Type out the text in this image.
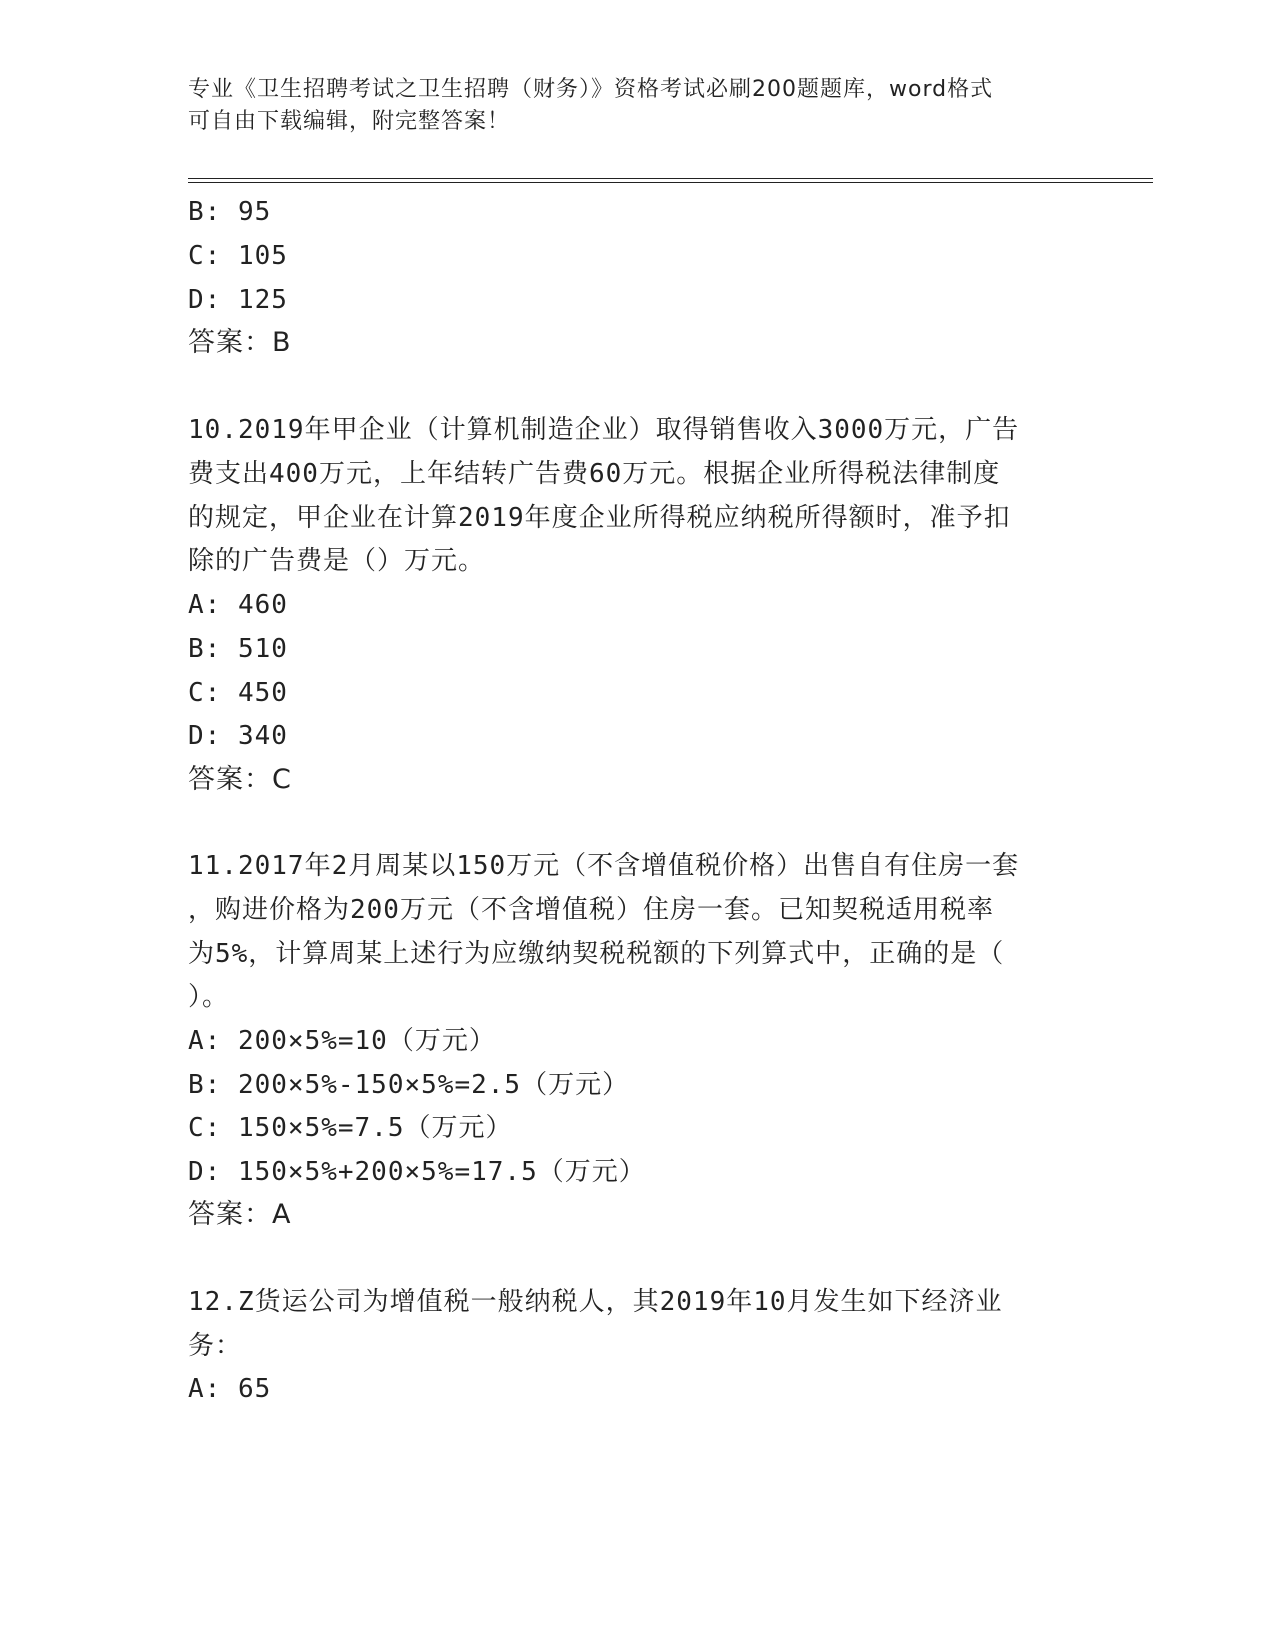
专业《卫生招聘考试之卫生招聘（财务）》资格考试必刷200题题库，word格式
可自由下载编辑，附完整答案！
B: 95
C: 105
D: 125
答案：B
10.2019年甲企业（计算机制造企业）取得销售收入3000万元，广告
费支出400万元，上年结转广告费60万元。根据企业所得税法律制度
的规定，甲企业在计算2019年度企业所得税应纳税所得额时，准予扣
除的广告费是（）万元。
A: 460
B: 510
C: 450
D: 340
答案：C
11.2017年2月周某以150万元（不含增值税价格）出售自有住房一套
，购进价格为200万元（不含增值税）住房一套。已知契税适用税率
为5%，计算周某上述行为应缴纳契税税额的下列算式中，正确的是（
）。
A: 200×5%=10（万元）
B: 200×5%-150×5%=2.5（万元）
C: 150×5%=7.5（万元）
D: 150×5%+200×5%=17.5（万元）
答案：A
12.Z货运公司为增值税一般纳税人，其2019年10月发生如下经济业
务：
A: 65
